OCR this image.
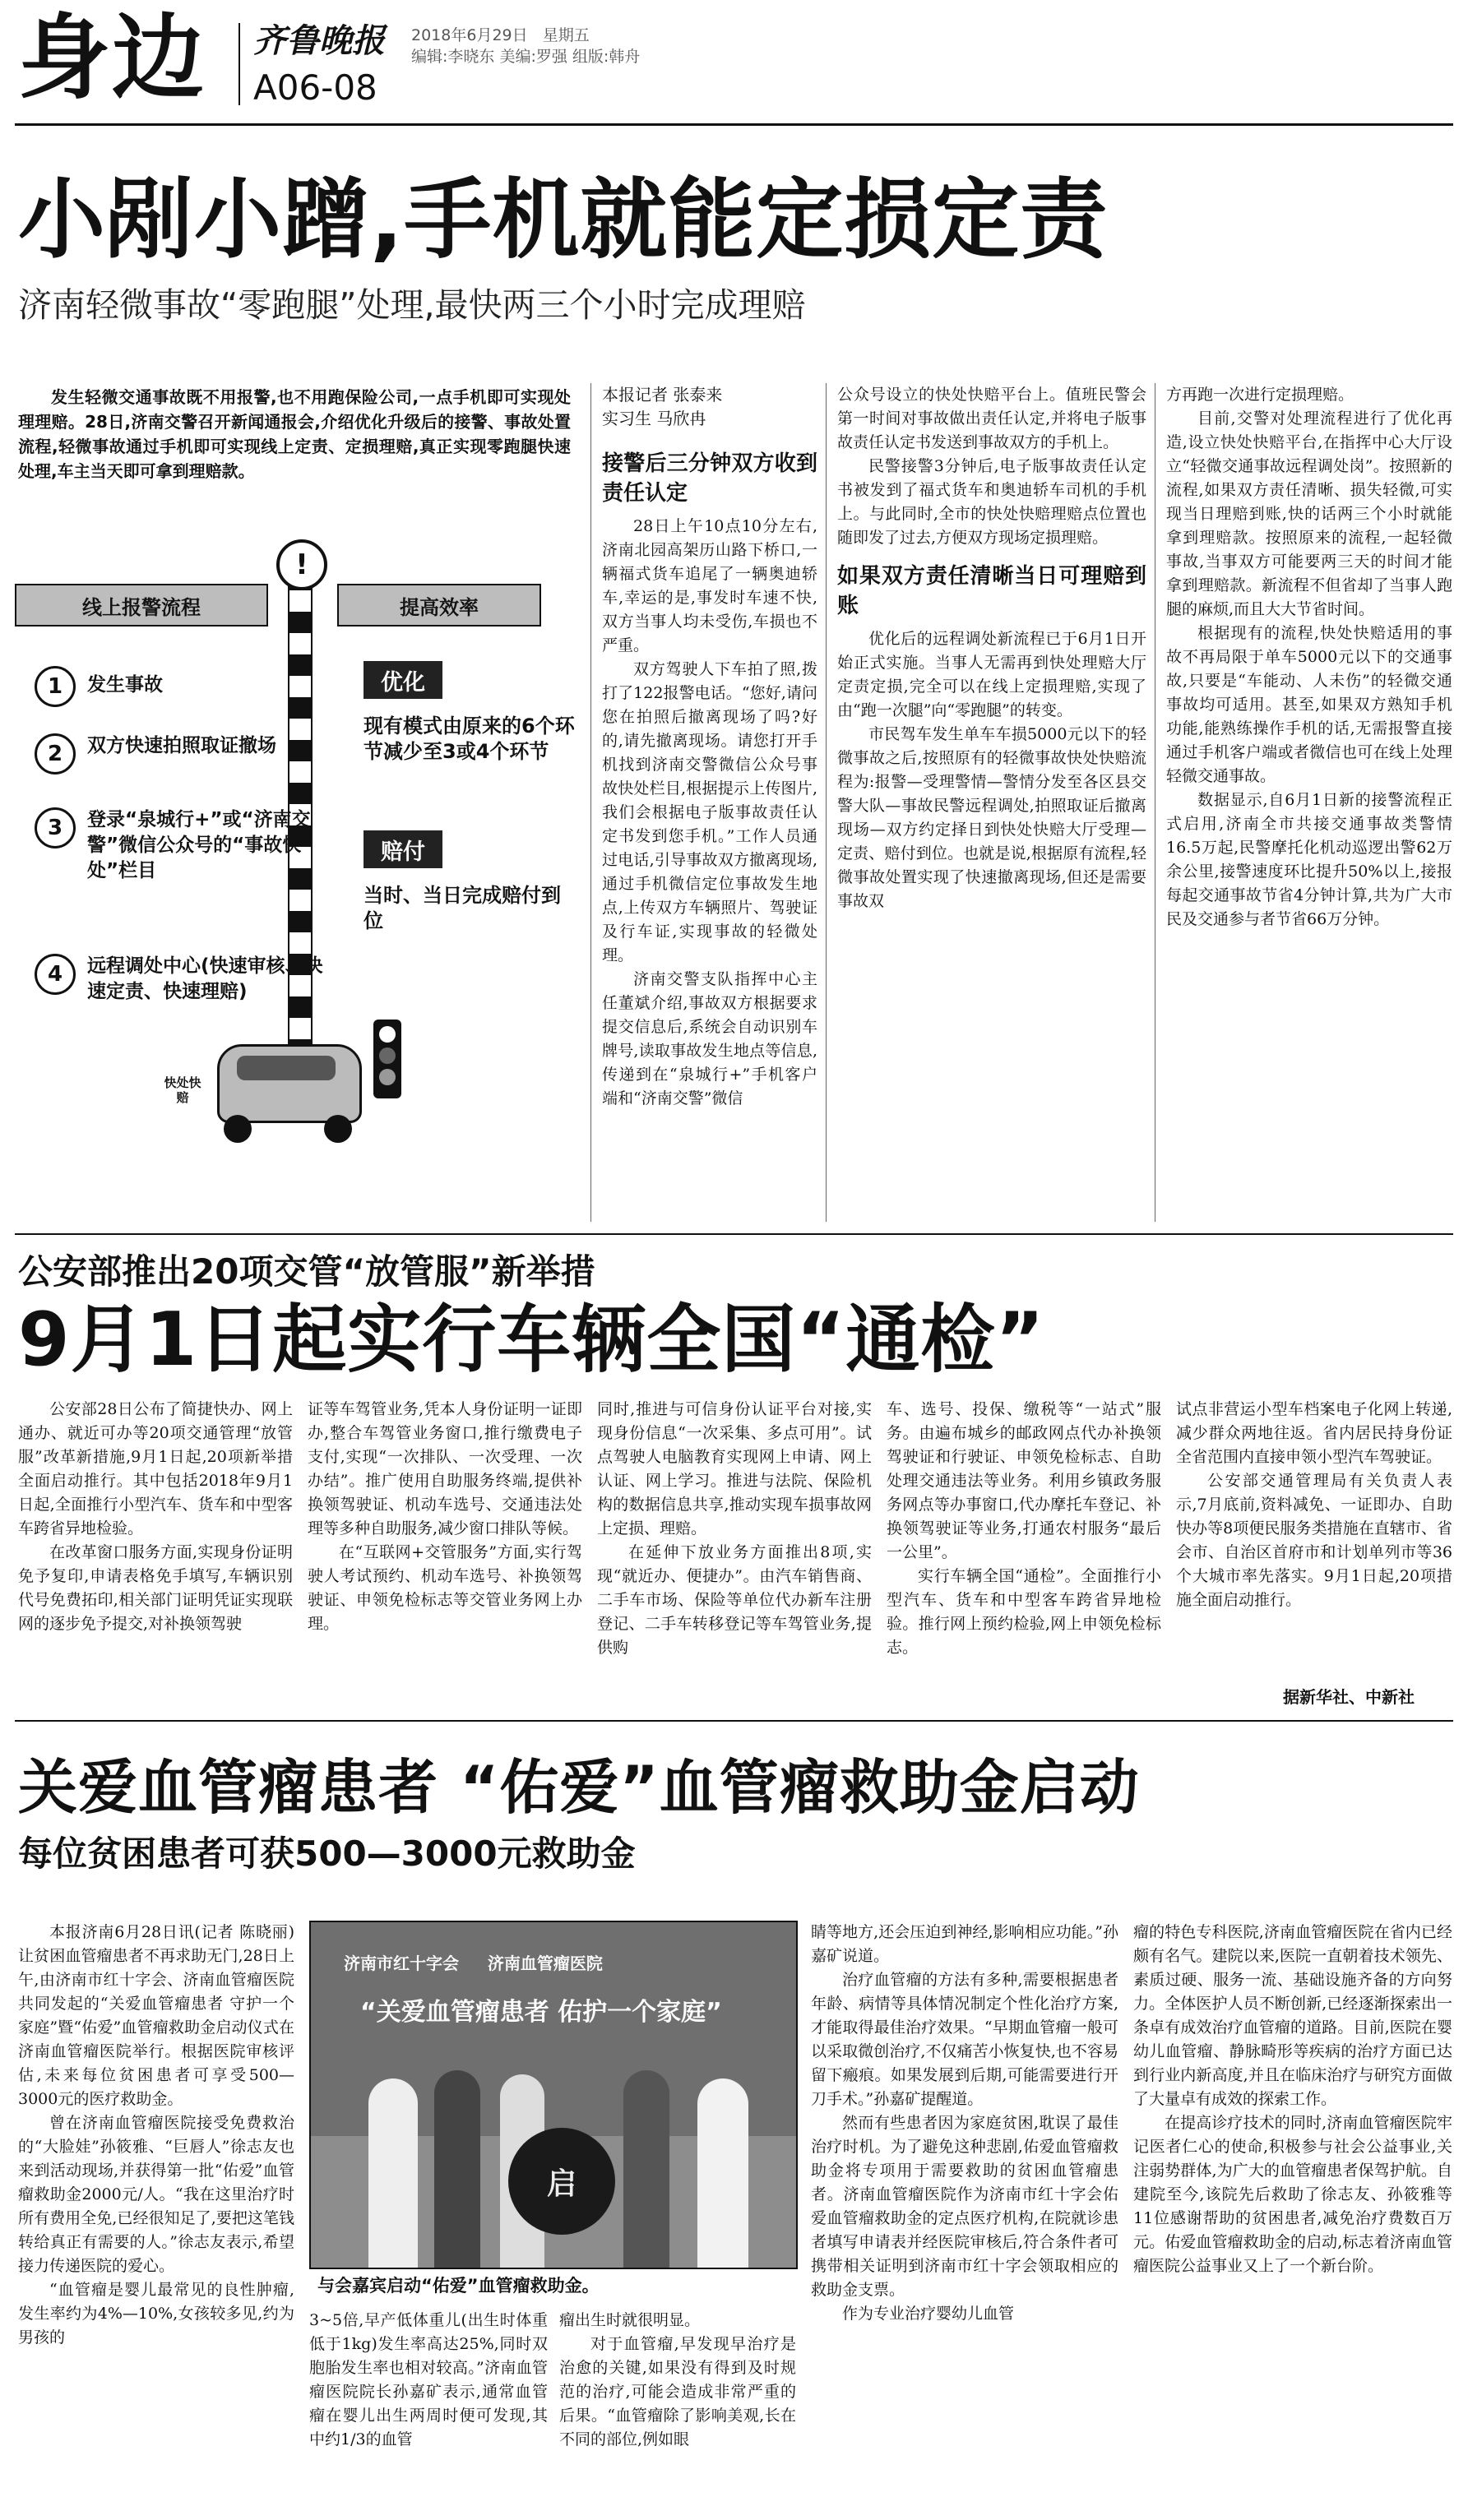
身边 齐鲁晚报 2018年6月29日 星期五
编辑:李晓东 美编:罗强 组版:韩舟
A06-08
小剐小蹭,手机就能定损定责
济南轻微事故“零跑腿”处理,最快两三个小时完成理赔

发生轻微交通事故既不用报警,也不用跑保险公司,一点手机即可实现处理理赔。28日,济南交警召开新闻通报会,介绍优化升级后的接警、事故处置流程,轻微事故通过手机即可实现线上定责、定损理赔,真正实现零跑腿快速处理,车主当天即可拿到理赔款。

!
快处快赔
线上报警流程	提高效率
1	发生事故
2	双方快速拍照取证撤场
3	登录“泉城行+”或“济南交警”微信公众号的“事故快处”栏目
4	远程调处中心(快速审核、快速定责、快速理赔)
优化
现有模式由原来的6个环节减少至3或4个环节
赔付
当时、当日完成赔付到位

本报记者 张泰来

实习生 马欣冉

接警后三分钟双方收到责任认定

28日上午10点10分左右,济南北园高架历山路下桥口,一辆福式货车追尾了一辆奥迪轿车,幸运的是,事发时车速不快,双方当事人均未受伤,车损也不严重。

双方驾驶人下车拍了照,拨打了122报警电话。“您好,请问您在拍照后撤离现场了吗?好的,请先撤离现场。请您打开手机找到济南交警微信公众号事故快处栏目,根据提示上传图片,我们会根据电子版事故责任认定书发到您手机。”工作人员通过电话,引导事故双方撤离现场,通过手机微信定位事故发生地点,上传双方车辆照片、驾驶证及行车证,实现事故的轻微处理。

济南交警支队指挥中心主任董斌介绍,事故双方根据要求提交信息后,系统会自动识别车牌号,读取事故发生地点等信息,传递到在“泉城行+”手机客户端和“济南交警”微信

公众号设立的快处快赔平台上。值班民警会第一时间对事故做出责任认定,并将电子版事故责任认定书发送到事故双方的手机上。

民警接警3分钟后,电子版事故责任认定书被发到了福式货车和奥迪轿车司机的手机上。与此同时,全市的快处快赔理赔点位置也随即发了过去,方便双方现场定损理赔。

如果双方责任清晰当日可理赔到账

优化后的远程调处新流程已于6月1日开始正式实施。当事人无需再到快处理赔大厅定责定损,完全可以在线上定损理赔,实现了由“跑一次腿”向“零跑腿”的转变。

市民驾车发生单车车损5000元以下的轻微事故之后,按照原有的轻微事故快处快赔流程为:报警—受理警情—警情分发至各区县交警大队—事故民警远程调处,拍照取证后撤离现场—双方约定择日到快处快赔大厅受理—定责、赔付到位。也就是说,根据原有流程,轻微事故处置实现了快速撤离现场,但还是需要事故双

方再跑一次进行定损理赔。

目前,交警对处理流程进行了优化再造,设立快处快赔平台,在指挥中心大厅设立“轻微交通事故远程调处岗”。按照新的流程,如果双方责任清晰、损失轻微,可实现当日理赔到账,快的话两三个小时就能拿到理赔款。按照原来的流程,一起轻微事故,当事双方可能要两三天的时间才能拿到理赔款。新流程不但省却了当事人跑腿的麻烦,而且大大节省时间。

根据现有的流程,快处快赔适用的事故不再局限于单车5000元以下的交通事故,只要是“车能动、人未伤”的轻微交通事故均可适用。甚至,如果双方熟知手机功能,能熟练操作手机的话,无需报警直接通过手机客户端或者微信也可在线上处理轻微交通事故。

数据显示,自6月1日新的接警流程正式启用,济南全市共接交通事故类警情16.5万起,民警摩托化机动巡逻出警62万余公里,接警速度环比提升50%以上,接报每起交通事故节省4分钟计算,共为广大市民及交通参与者节省66万分钟。

公安部推出20项交管“放管服”新举措
9月1日起实行车辆全国“通检”

公安部28日公布了简捷快办、网上通办、就近可办等20项交通管理“放管服”改革新措施,9月1日起,20项新举措全面启动推行。其中包括2018年9月1日起,全面推行小型汽车、货车和中型客车跨省异地检验。

在改革窗口服务方面,实现身份证明免予复印,申请表格免手填写,车辆识别代号免费拓印,相关部门证明凭证实现联网的逐步免予提交,对补换领驾驶

证等车驾管业务,凭本人身份证明一证即办,整合车驾管业务窗口,推行缴费电子支付,实现“一次排队、一次受理、一次办结”。推广使用自助服务终端,提供补换领驾驶证、机动车选号、交通违法处理等多种自助服务,减少窗口排队等候。

在“互联网+交管服务”方面,实行驾驶人考试预约、机动车选号、补换领驾驶证、申领免检标志等交管业务网上办理。

同时,推进与可信身份认证平台对接,实现身份信息“一次采集、多点可用”。试点驾驶人电脑教育实现网上申请、网上认证、网上学习。推进与法院、保险机构的数据信息共享,推动实现车损事故网上定损、理赔。

在延伸下放业务方面推出8项,实现“就近办、便捷办”。由汽车销售商、二手车市场、保险等单位代办新车注册登记、二手车转移登记等车驾管业务,提供购

车、选号、投保、缴税等“一站式”服务。由遍布城乡的邮政网点代办补换领驾驶证和行驶证、申领免检标志、自助处理交通违法等业务。利用乡镇政务服务网点等办事窗口,代办摩托车登记、补换领驾驶证等业务,打通农村服务“最后一公里”。

实行车辆全国“通检”。全面推行小型汽车、货车和中型客车跨省异地检验。推行网上预约检验,网上申领免检标志。

试点非营运小型车档案电子化网上转递,减少群众两地往返。省内居民持身份证全省范围内直接申领小型汽车驾驶证。

公安部交通管理局有关负责人表示,7月底前,资料减免、一证即办、自助快办等8项便民服务类措施在直辖市、省会市、自治区首府市和计划单列市等36个大城市率先落实。9月1日起,20项措施全面启动推行。

据新华社、中新社
关爱血管瘤患者 “佑爱”血管瘤救助金启动
每位贫困患者可获500—3000元救助金

本报济南6月28日讯(记者 陈晓丽) 让贫困血管瘤患者不再求助无门,28日上午,由济南市红十字会、济南血管瘤医院共同发起的“关爱血管瘤患者 守护一个家庭”暨“佑爱”血管瘤救助金启动仪式在济南血管瘤医院举行。根据医院审核评估,未来每位贫困患者可享受500—3000元的医疗救助金。

曾在济南血管瘤医院接受免费救治的“大脸娃”孙筱雅、“巨唇人”徐志友也来到活动现场,并获得第一批“佑爱”血管瘤救助金2000元/人。“我在这里治疗时所有费用全免,已经很知足了,要把这笔钱转给真正有需要的人。”徐志友表示,希望接力传递医院的爱心。

“血管瘤是婴儿最常见的良性肿瘤,发生率约为4%—10%,女孩较多见,约为男孩的

济南市红十字会     济南血管瘤医院
“关爱血管瘤患者 佑护一个家庭”
启
与会嘉宾启动“佑爱”血管瘤救助金。

3~5倍,早产低体重儿(出生时体重低于1kg)发生率高达25%,同时双胞胎发生率也相对较高。”济南血管瘤医院院长孙嘉矿表示,通常血管瘤在婴儿出生两周时便可发现,其中约1/3的血管

瘤出生时就很明显。

对于血管瘤,早发现早治疗是治愈的关键,如果没有得到及时规范的治疗,可能会造成非常严重的后果。“血管瘤除了影响美观,长在不同的部位,例如眼

睛等地方,还会压迫到神经,影响相应功能。”孙嘉矿说道。

治疗血管瘤的方法有多种,需要根据患者年龄、病情等具体情况制定个性化治疗方案,才能取得最佳治疗效果。“早期血管瘤一般可以采取微创治疗,不仅痛苦小恢复快,也不容易留下瘢痕。如果发展到后期,可能需要进行开刀手术。”孙嘉矿提醒道。

然而有些患者因为家庭贫困,耽误了最佳治疗时机。为了避免这种悲剧,佑爱血管瘤救助金将专项用于需要救助的贫困血管瘤患者。济南血管瘤医院作为济南市红十字会佑爱血管瘤救助金的定点医疗机构,在院就诊患者填写申请表并经医院审核后,符合条件者可携带相关证明到济南市红十字会领取相应的救助金支票。

作为专业治疗婴幼儿血管

瘤的特色专科医院,济南血管瘤医院在省内已经颇有名气。建院以来,医院一直朝着技术领先、素质过硬、服务一流、基础设施齐备的方向努力。全体医护人员不断创新,已经逐渐探索出一条卓有成效治疗血管瘤的道路。目前,医院在婴幼儿血管瘤、静脉畸形等疾病的治疗方面已达到行业内新高度,并且在临床治疗与研究方面做了大量卓有成效的探索工作。

在提高诊疗技术的同时,济南血管瘤医院牢记医者仁心的使命,积极参与社会公益事业,关注弱势群体,为广大的血管瘤患者保驾护航。自建院至今,该院先后救助了徐志友、孙筱雅等11位感谢帮助的贫困患者,减免治疗费数百万元。佑爱血管瘤救助金的启动,标志着济南血管瘤医院公益事业又上了一个新台阶。
